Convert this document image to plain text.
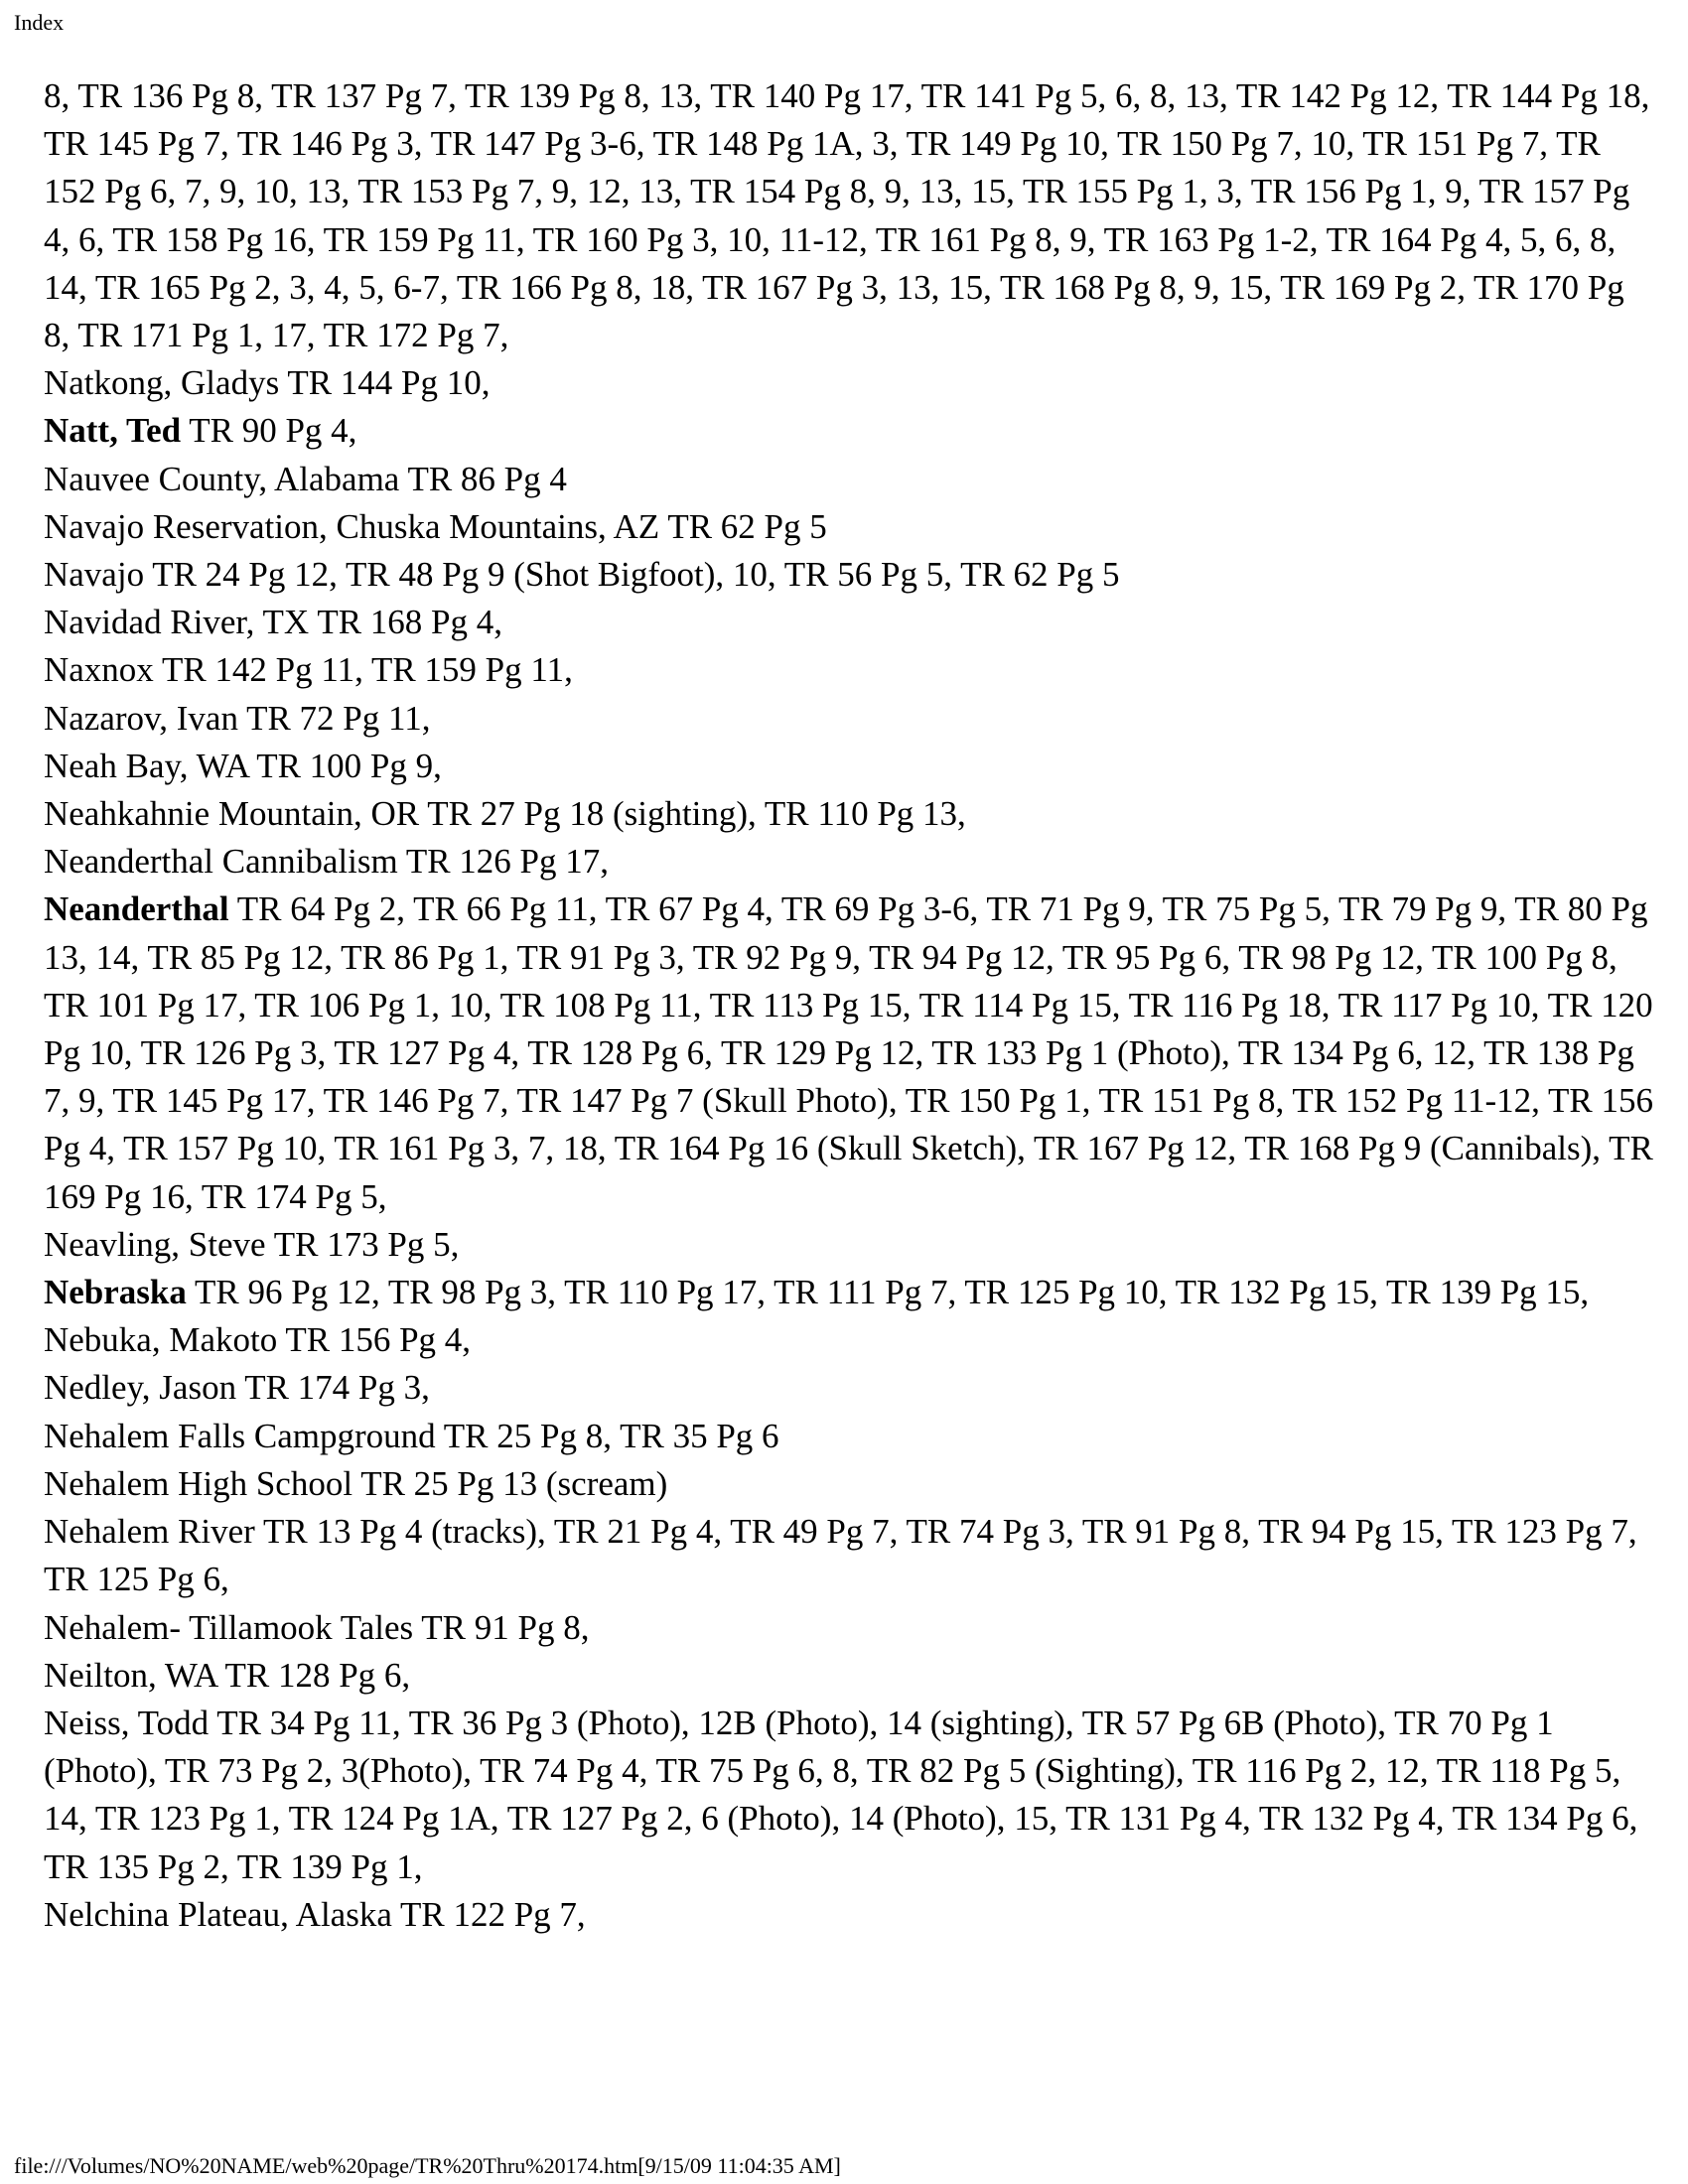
Index

8, TR 136 Pg 8, TR 137 Pg 7, TR 139 Pg 8, 13, TR 140 Pg 17, TR 141 Pg 5, 6, 8, 13, TR 142 Pg 12, TR 144 Pg 18, TR 145 Pg 7, TR 146 Pg 3, TR 147 Pg 3-6, TR 148 Pg 1A, 3, TR 149 Pg 10, TR 150 Pg 7, 10, TR 151 Pg 7, TR 152 Pg 6, 7, 9, 10, 13, TR 153 Pg 7, 9, 12, 13, TR 154 Pg 8, 9, 13, 15, TR 155 Pg 1, 3, TR 156 Pg 1, 9, TR 157 Pg 4, 6, TR 158 Pg 16, TR 159 Pg 11, TR 160 Pg 3, 10, 11-12, TR 161 Pg 8, 9, TR 163 Pg 1-2, TR 164 Pg 4, 5, 6, 8, 14, TR 165 Pg 2, 3, 4, 5, 6-7, TR 166 Pg 8, 18, TR 167 Pg 3, 13, 15, TR 168 Pg 8, 9, 15, TR 169 Pg 2, TR 170 Pg 8, TR 171 Pg 1, 17, TR 172 Pg 7,

Natkong, Gladys TR 144 Pg 10,

Natt, Ted TR 90 Pg 4,

Nauvee County, Alabama TR 86 Pg 4

Navajo Reservation, Chuska Mountains, AZ TR 62 Pg 5

Navajo TR 24 Pg 12, TR 48 Pg 9 (Shot Bigfoot), 10, TR 56 Pg 5, TR 62 Pg 5

Navidad River, TX TR 168 Pg 4,

Naxnox TR 142 Pg 11, TR 159 Pg 11,

Nazarov, Ivan TR 72 Pg 11,

Neah Bay, WA TR 100 Pg 9,

Neahkahnie Mountain, OR TR 27 Pg 18 (sighting), TR 110 Pg 13,

Neanderthal Cannibalism TR 126 Pg 17,

Neanderthal TR 64 Pg 2, TR 66 Pg 11, TR 67 Pg 4, TR 69 Pg 3-6, TR 71 Pg 9, TR 75 Pg 5, TR 79 Pg 9, TR 80 Pg 13, 14, TR 85 Pg 12, TR 86 Pg 1, TR 91 Pg 3, TR 92 Pg 9, TR 94 Pg 12, TR 95 Pg 6, TR 98 Pg 12, TR 100 Pg 8, TR 101 Pg 17, TR 106 Pg 1, 10, TR 108 Pg 11, TR 113 Pg 15, TR 114 Pg 15, TR 116 Pg 18, TR 117 Pg 10, TR 120 Pg 10, TR 126 Pg 3, TR 127 Pg 4, TR 128 Pg 6, TR 129 Pg 12, TR 133 Pg 1 (Photo), TR 134 Pg 6, 12, TR 138 Pg 7, 9, TR 145 Pg 17, TR 146 Pg 7, TR 147 Pg 7 (Skull Photo), TR 150 Pg 1, TR 151 Pg 8, TR 152 Pg 11-12, TR 156 Pg 4, TR 157 Pg 10, TR 161 Pg 3, 7, 18, TR 164 Pg 16 (Skull Sketch), TR 167 Pg 12, TR 168 Pg 9 (Cannibals), TR 169 Pg 16, TR 174 Pg 5,

Neavling, Steve TR 173 Pg 5,

Nebraska TR 96 Pg 12, TR 98 Pg 3, TR 110 Pg 17, TR 111 Pg 7, TR 125 Pg 10, TR 132 Pg 15, TR 139 Pg 15,

Nebuka, Makoto TR 156 Pg 4,

Nedley, Jason TR 174 Pg 3,

Nehalem Falls Campground TR 25 Pg 8, TR 35 Pg 6

Nehalem High School TR 25 Pg 13 (scream)

Nehalem River TR 13 Pg 4 (tracks), TR 21 Pg 4, TR 49 Pg 7, TR 74 Pg 3, TR 91 Pg 8, TR 94 Pg 15, TR 123 Pg 7, TR 125 Pg 6,

Nehalem- Tillamook Tales TR 91 Pg 8,

Neilton, WA TR 128 Pg 6,

Neiss, Todd TR 34 Pg 11, TR 36 Pg 3 (Photo), 12B (Photo), 14 (sighting), TR 57 Pg 6B (Photo), TR 70 Pg 1 (Photo), TR 73 Pg 2, 3(Photo), TR 74 Pg 4, TR 75 Pg 6, 8, TR 82 Pg 5 (Sighting), TR 116 Pg 2, 12, TR 118 Pg 5, 14, TR 123 Pg 1, TR 124 Pg 1A, TR 127 Pg 2, 6 (Photo), 14 (Photo), 15, TR 131 Pg 4, TR 132 Pg 4, TR 134 Pg 6, TR 135 Pg 2, TR 139 Pg 1,

Nelchina Plateau, Alaska TR 122 Pg 7,

file:///Volumes/NO%20NAME/web%20page/TR%20Thru%20174.htm[9/15/09 11:04:35 AM]
